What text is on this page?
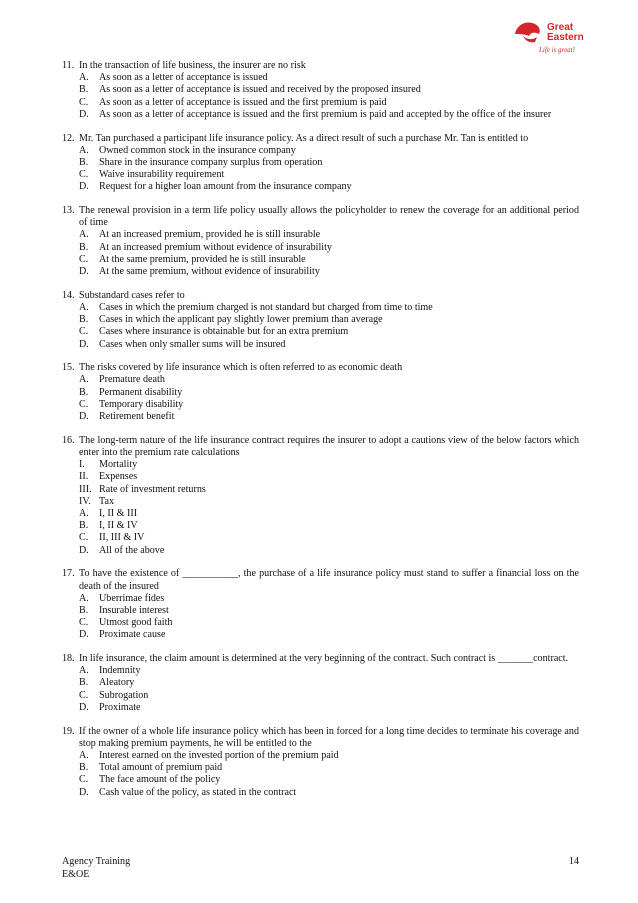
Great
Eastern
Life is great!
11. In the transaction of life business, the insurer are no risk
A.	As soon as a letter of acceptance is issued
B.	As soon as a letter of acceptance is issued and received by the proposed insured
C.	As soon as a letter of acceptance is issued and the first premium is paid
D.	As soon as a letter of acceptance is issued and the first premium is paid and accepted by the office of the insurer
12. Mr. Tan purchased a participant life insurance policy. As a direct result of such a purchase Mr. Tan is entitled to
A.	Owned common stock in the insurance company
B.	Share in the insurance company surplus from operation
C.	Waive insurability requirement
D.	Request for a higher loan amount from the insurance company
13. The renewal provision in a term life policy usually allows the policyholder to renew the coverage for an additional period of time
A.	At an increased premium, provided he is still insurable
B.	At an increased premium without evidence of insurability
C.	At the same premium, provided he is still insurable
D.	At the same premium, without evidence of insurability
14. Substandard cases refer to
A.	Cases in which the premium charged is not standard but charged from time to time
B.	Cases in which the applicant pay slightly lower premium than average
C.	Cases where insurance is obtainable but for an extra premium
D.	Cases when only smaller sums will be insured
15. The risks covered by life insurance which is often referred to as economic death
A.	Premature death
B.	Permanent disability
C.	Temporary disability
D.	Retirement benefit
16. The long-term nature of the life insurance contract requires the insurer to adopt a cautions view of the below factors which enter into the premium rate calculations
I.	Mortality
II.	Expenses
III. Rate of investment returns
IV. Tax
A.	I, II & III
B.	I, II & IV
C.	II, III & IV
D.	All of the above
17. To have the existence of ___________, the purchase of a life insurance policy must stand to suffer a financial loss on the death of the insured
A.	Uberrimae fides
B.	Insurable interest
C.	Utmost good faith
D.	Proximate cause
18. In life insurance, the claim amount is determined at the very beginning of the contract. Such contract is _______contract.
A.	Indemnity
B.	Aleatory
C.	Subrogation
D.	Proximate
19. If the owner of a whole life insurance policy which has been in forced for a long time decides to terminate his coverage and stop making premium payments, he will be entitled to the
A.	Interest earned on the invested portion of the premium paid
B.	Total amount of premium paid
C.	The face amount of the policy
D.	Cash value of the policy, as stated in the contract
Agency Training	14
E&OE
